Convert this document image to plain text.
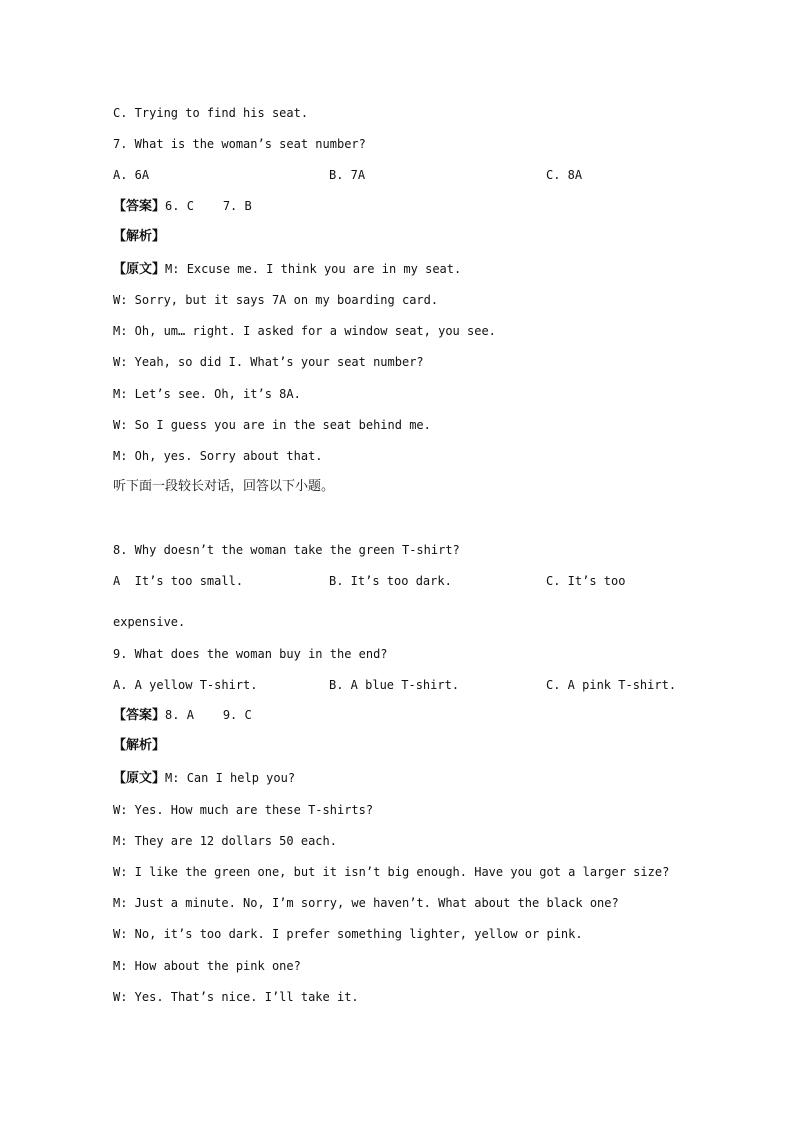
C. Trying to find his seat.
7. What is the woman’s seat number?
A. 6A	B. 7A	C. 8A
【答案】6. C    7. B
【解析】
【原文】M: Excuse me. I think you are in my seat.
W: Sorry, but it says 7A on my boarding card.
M: Oh, um… right. I asked for a window seat, you see.
W: Yeah, so did I. What’s your seat number?
M: Let’s see. Oh, it’s 8A.
W: So I guess you are in the seat behind me.
M: Oh, yes. Sorry about that.
听下面一段较长对话，回答以下小题。
8. Why doesn’t the woman take the green T-shirt?
A  It’s too small.	B. It’s too dark.	C. It’s too
expensive.
9. What does the woman buy in the end?
A. A yellow T-shirt.	B. A blue T-shirt.	C. A pink T-shirt.
【答案】8. A    9. C
【解析】
【原文】M: Can I help you?
W: Yes. How much are these T-shirts?
M: They are 12 dollars 50 each.
W: I like the green one, but it isn’t big enough. Have you got a larger size?
M: Just a minute. No, I’m sorry, we haven’t. What about the black one?
W: No, it’s too dark. I prefer something lighter, yellow or pink.
M: How about the pink one?
W: Yes. That’s nice. I’ll take it.
